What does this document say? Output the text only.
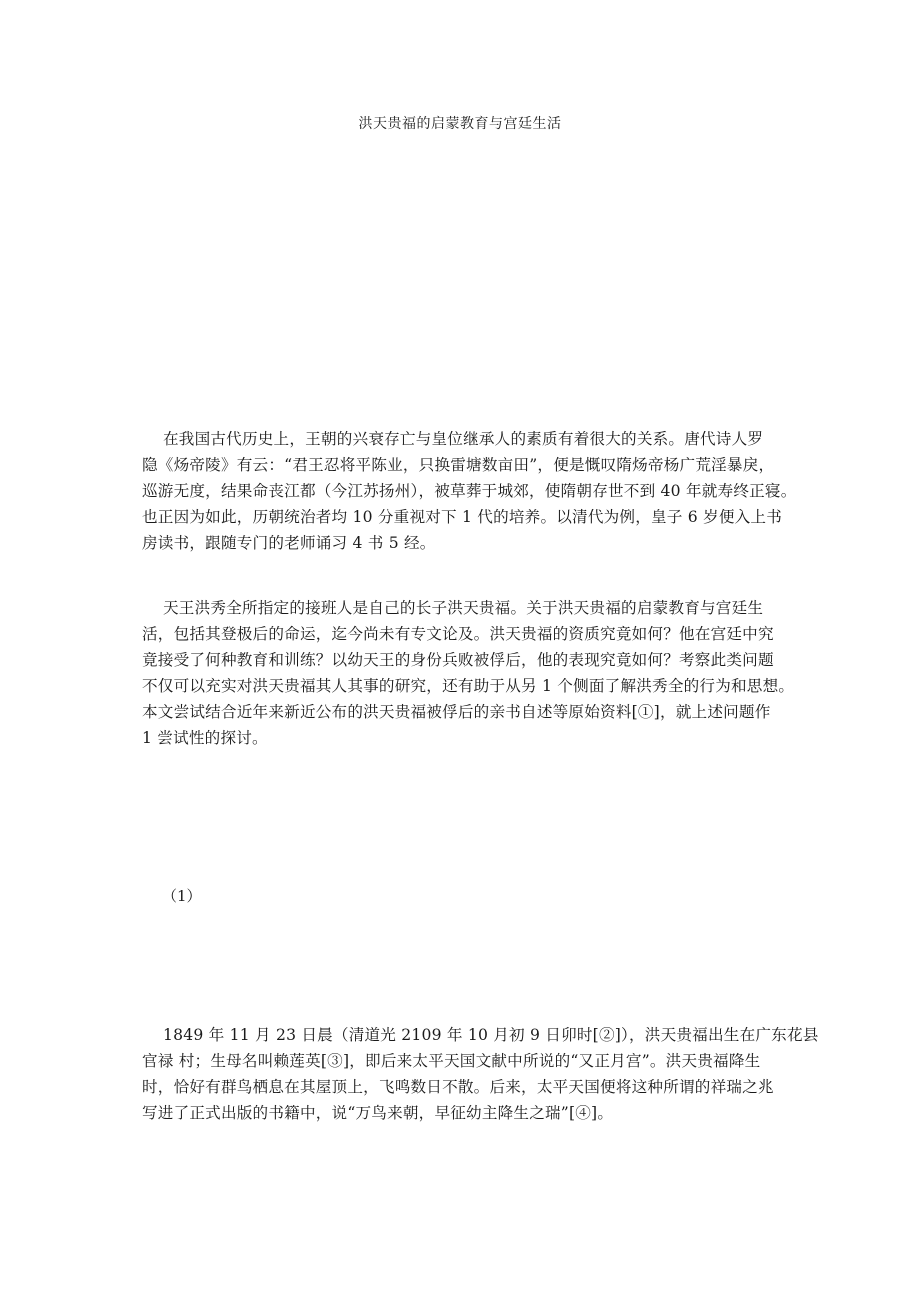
洪天贵福的启蒙教育与宫廷生活

在我国古代历史上，王朝的兴衰存亡与皇位继承人的素质有着很大的关系。唐代诗人罗
隐《炀帝陵》有云：“君王忍将平陈业，只换雷塘数亩田”，便是慨叹隋炀帝杨广荒淫暴戾，
巡游无度，结果命丧江都（今江苏扬州），被草葬于城郊，使隋朝存世不到 40 年就寿终正寝。
也正因为如此，历朝统治者均 10 分重视对下 1 代的培养。以清代为例，皇子 6 岁便入上书
房读书，跟随专门的老师诵习 4 书 5 经。

天王洪秀全所指定的接班人是自己的长子洪天贵福。关于洪天贵福的启蒙教育与宫廷生
活，包括其登极后的命运，迄今尚未有专文论及。洪天贵福的资质究竟如何？他在宫廷中究
竟接受了何种教育和训练？以幼天王的身份兵败被俘后，他的表现究竟如何？考察此类问题
不仅可以充实对洪天贵福其人其事的研究，还有助于从另 1 个侧面了解洪秀全的行为和思想。
本文尝试结合近年来新近公布的洪天贵福被俘后的亲书自述等原始资料[①]，就上述问题作
1 尝试性的探讨。

（1）

1849 年 11 月 23 日晨（清道光 2109 年 10 月初 9 日卯时[②]），洪天贵福出生在广东花县
官禄 村；生母名叫赖莲英[③]，即后来太平天国文献中所说的“又正月宫”。洪天贵福降生
时，恰好有群鸟栖息在其屋顶上，飞鸣数日不散。后来，太平天国便将这种所谓的祥瑞之兆
写进了正式出版的书籍中，说“万鸟来朝，早征幼主降生之瑞”[④]。
